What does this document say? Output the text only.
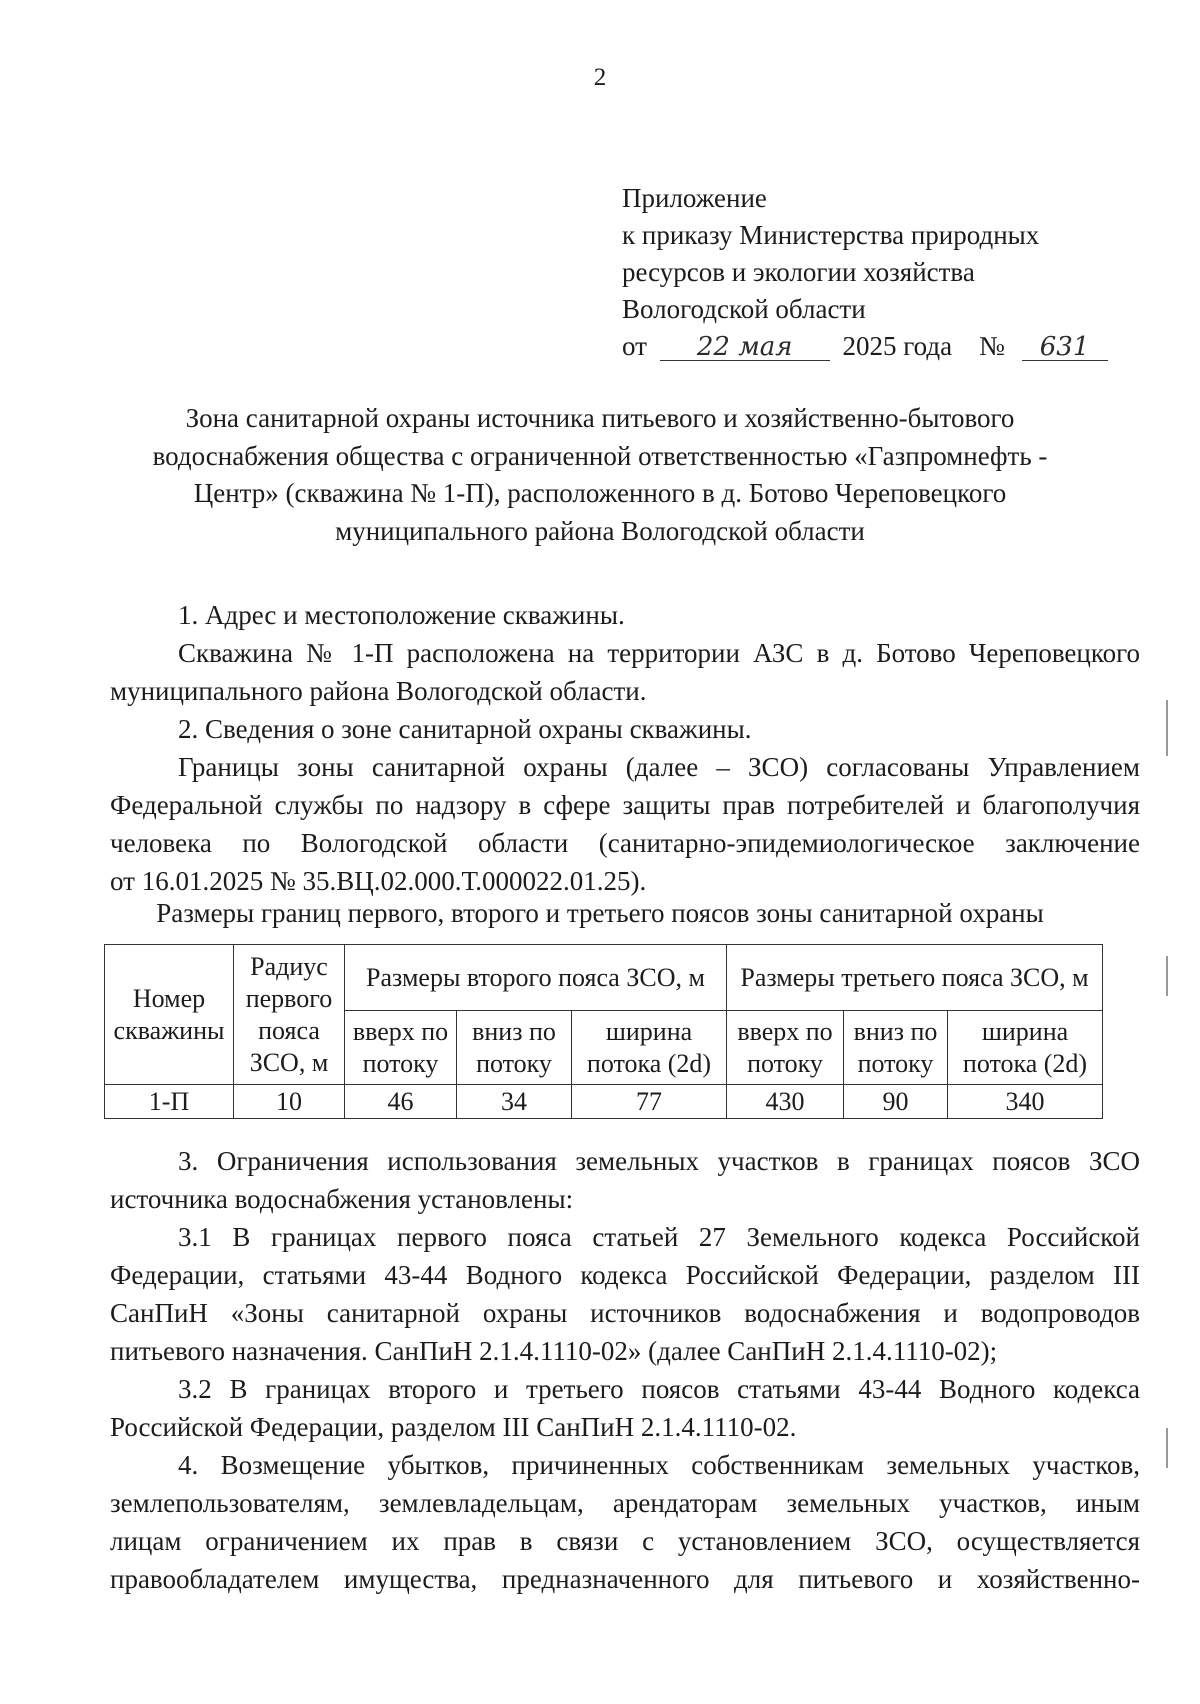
2
Приложение
к приказу Министерства природных
ресурсов и экологии хозяйства
Вологодской области
от 22 мая 2025 года № 631
Зона санитарной охраны источника питьевого и хозяйственно-бытового
водоснабжения общества с ограниченной ответственностью «Газпромнефть -
Центр» (скважина № 1-П), расположенного в д. Ботово Череповецкого
муниципального района Вологодской области
1. Адрес и местоположение скважины.
Скважина № 1-П расположена на территории АЗС в д. Ботово Череповецкого
муниципального района Вологодской области.
2. Сведения о зоне санитарной охраны скважины.
Границы зоны санитарной охраны (далее – ЗСО) согласованы Управлением
Федеральной службы по надзору в сфере защиты прав потребителей и благополучия
человека по Вологодской области (санитарно-эпидемиологическое заключение
от 16.01.2025 № 35.ВЦ.02.000.Т.000022.01.25).
Размеры границ первого, второго и третьего поясов зоны санитарной охраны
Номер скважины	Радиус первого пояса ЗСО, м	Размеры второго пояса ЗСО, м			Размеры третьего пояса ЗСО, м		
		вверх по потоку	вниз по потоку	ширина потока (2d)	вверх по потоку	вниз по потоку	ширина потока (2d)
1-П	10	46	34	77	430	90	340
3. Ограничения использования земельных участков в границах поясов ЗСО
источника водоснабжения установлены:
3.1 В границах первого пояса статьей 27 Земельного кодекса Российской
Федерации, статьями 43-44 Водного кодекса Российской Федерации, разделом III
СанПиН «Зоны санитарной охраны источников водоснабжения и водопроводов
питьевого назначения. СанПиН 2.1.4.1110-02» (далее СанПиН 2.1.4.1110-02);
3.2 В границах второго и третьего поясов статьями 43-44 Водного кодекса
Российской Федерации, разделом III СанПиН 2.1.4.1110-02.
4. Возмещение убытков, причиненных собственникам земельных участков,
землепользователям, землевладельцам, арендаторам земельных участков, иным
лицам ограничением их прав в связи с установлением ЗСО, осуществляется
правообладателем имущества, предназначенного для питьевого и хозяйственно-
